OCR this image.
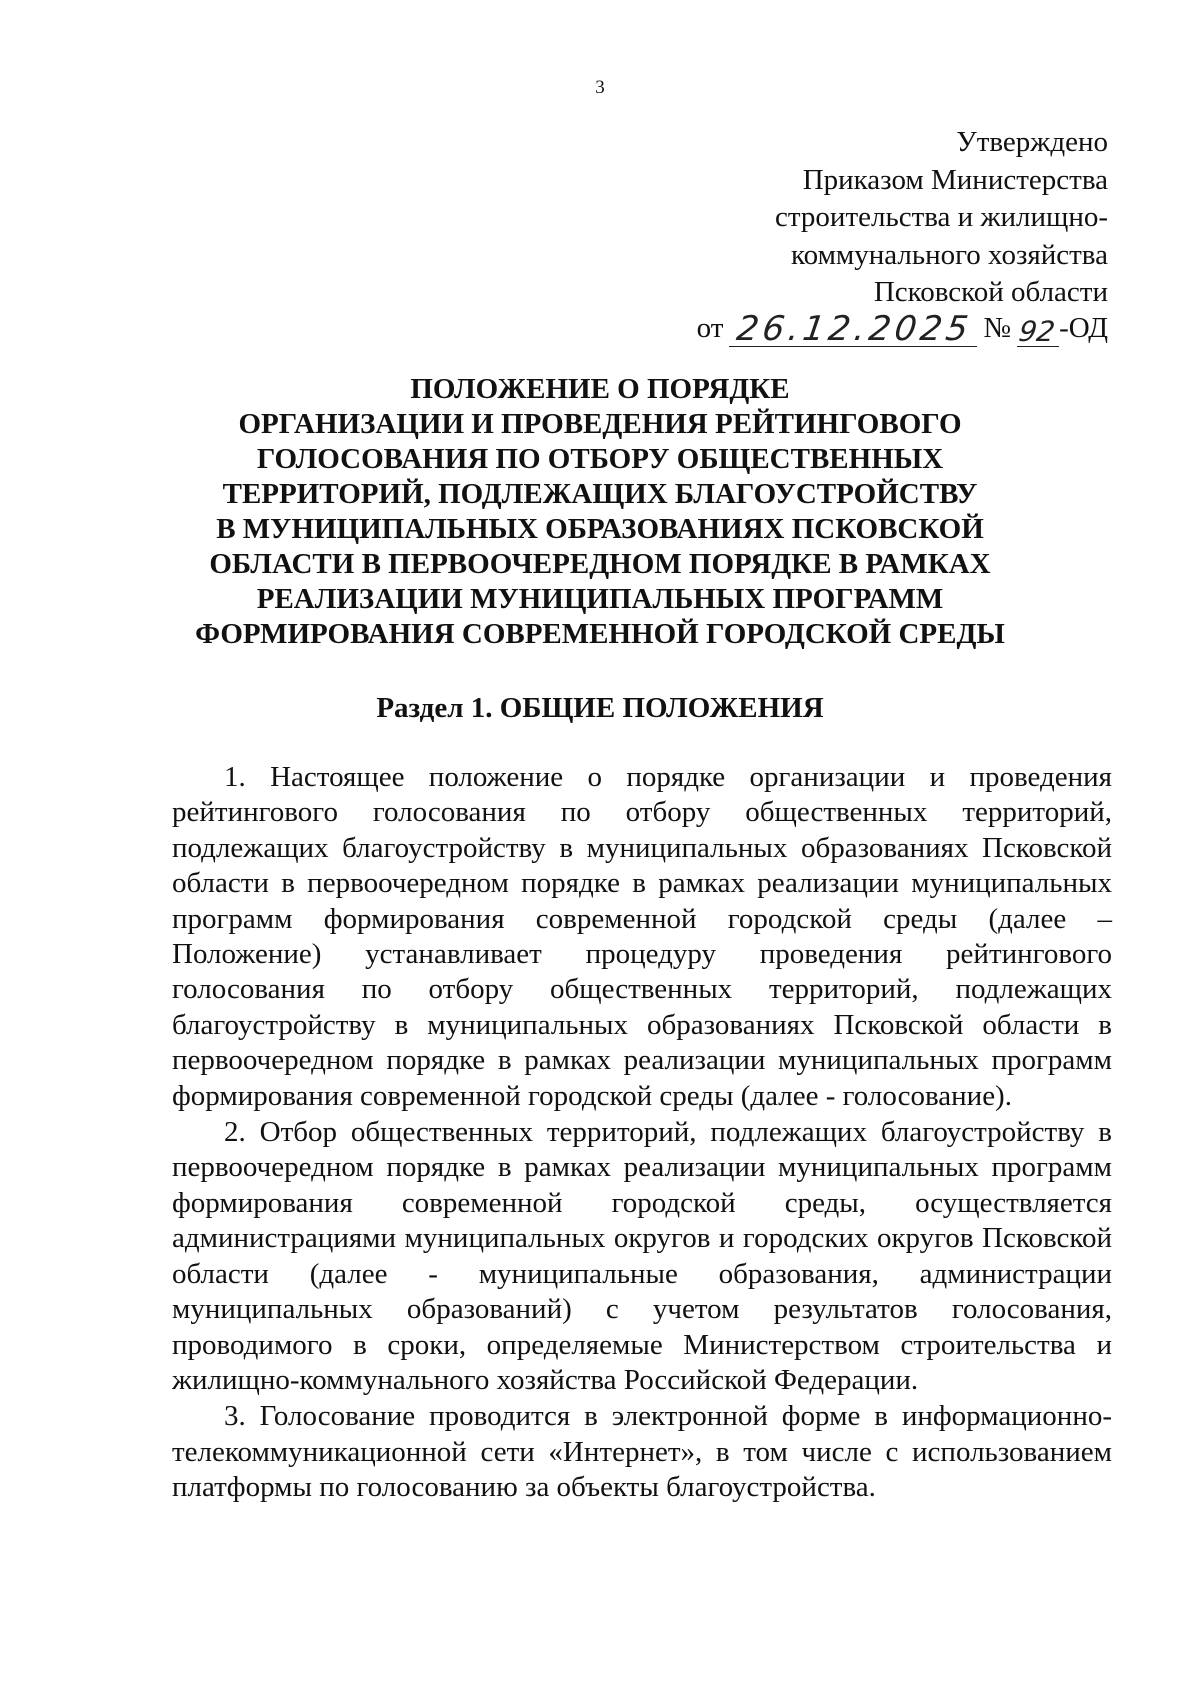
3
Утверждено
Приказом Министерства
строительства и жилищно-
коммунального хозяйства
Псковской области
от 26.12.2025 № 92 -ОД
ПОЛОЖЕНИЕ О ПОРЯДКЕ
ОРГАНИЗАЦИИ И ПРОВЕДЕНИЯ РЕЙТИНГОВОГО
ГОЛОСОВАНИЯ ПО ОТБОРУ ОБЩЕСТВЕННЫХ
ТЕРРИТОРИЙ, ПОДЛЕЖАЩИХ БЛАГОУСТРОЙСТВУ
В МУНИЦИПАЛЬНЫХ ОБРАЗОВАНИЯХ ПСКОВСКОЙ
ОБЛАСТИ В ПЕРВООЧЕРЕДНОМ ПОРЯДКЕ В РАМКАХ
РЕАЛИЗАЦИИ МУНИЦИПАЛЬНЫХ ПРОГРАММ
ФОРМИРОВАНИЯ СОВРЕМЕННОЙ ГОРОДСКОЙ СРЕДЫ
Раздел 1. ОБЩИЕ ПОЛОЖЕНИЯ

1. Настоящее положение о порядке организации и проведения рейтингового голосования по отбору общественных территорий, подлежащих благоустройству в муниципальных образованиях Псковской области в первоочередном порядке в рамках реализации муниципальных программ формирования современной городской среды (далее – Положение) устанавливает процедуру проведения рейтингового голосования по отбору общественных территорий, подлежащих благоустройству в муниципальных образованиях Псковской области в первоочередном порядке в рамках реализации муниципальных программ формирования современной городской среды (далее - голосование).

2. Отбор общественных территорий, подлежащих благоустройству в первоочередном порядке в рамках реализации муниципальных программ формирования современной городской среды, осуществляется администрациями муниципальных округов и городских округов Псковской области (далее - муниципальные образования, администрации муниципальных образований) с учетом результатов голосования, проводимого в сроки, определяемые Министерством строительства и жилищно-коммунального хозяйства Российской Федерации.

3. Голосование проводится в электронной форме в информационно-телекоммуникационной сети «Интернет», в том числе с использованием платформы по голосованию за объекты благоустройства.
